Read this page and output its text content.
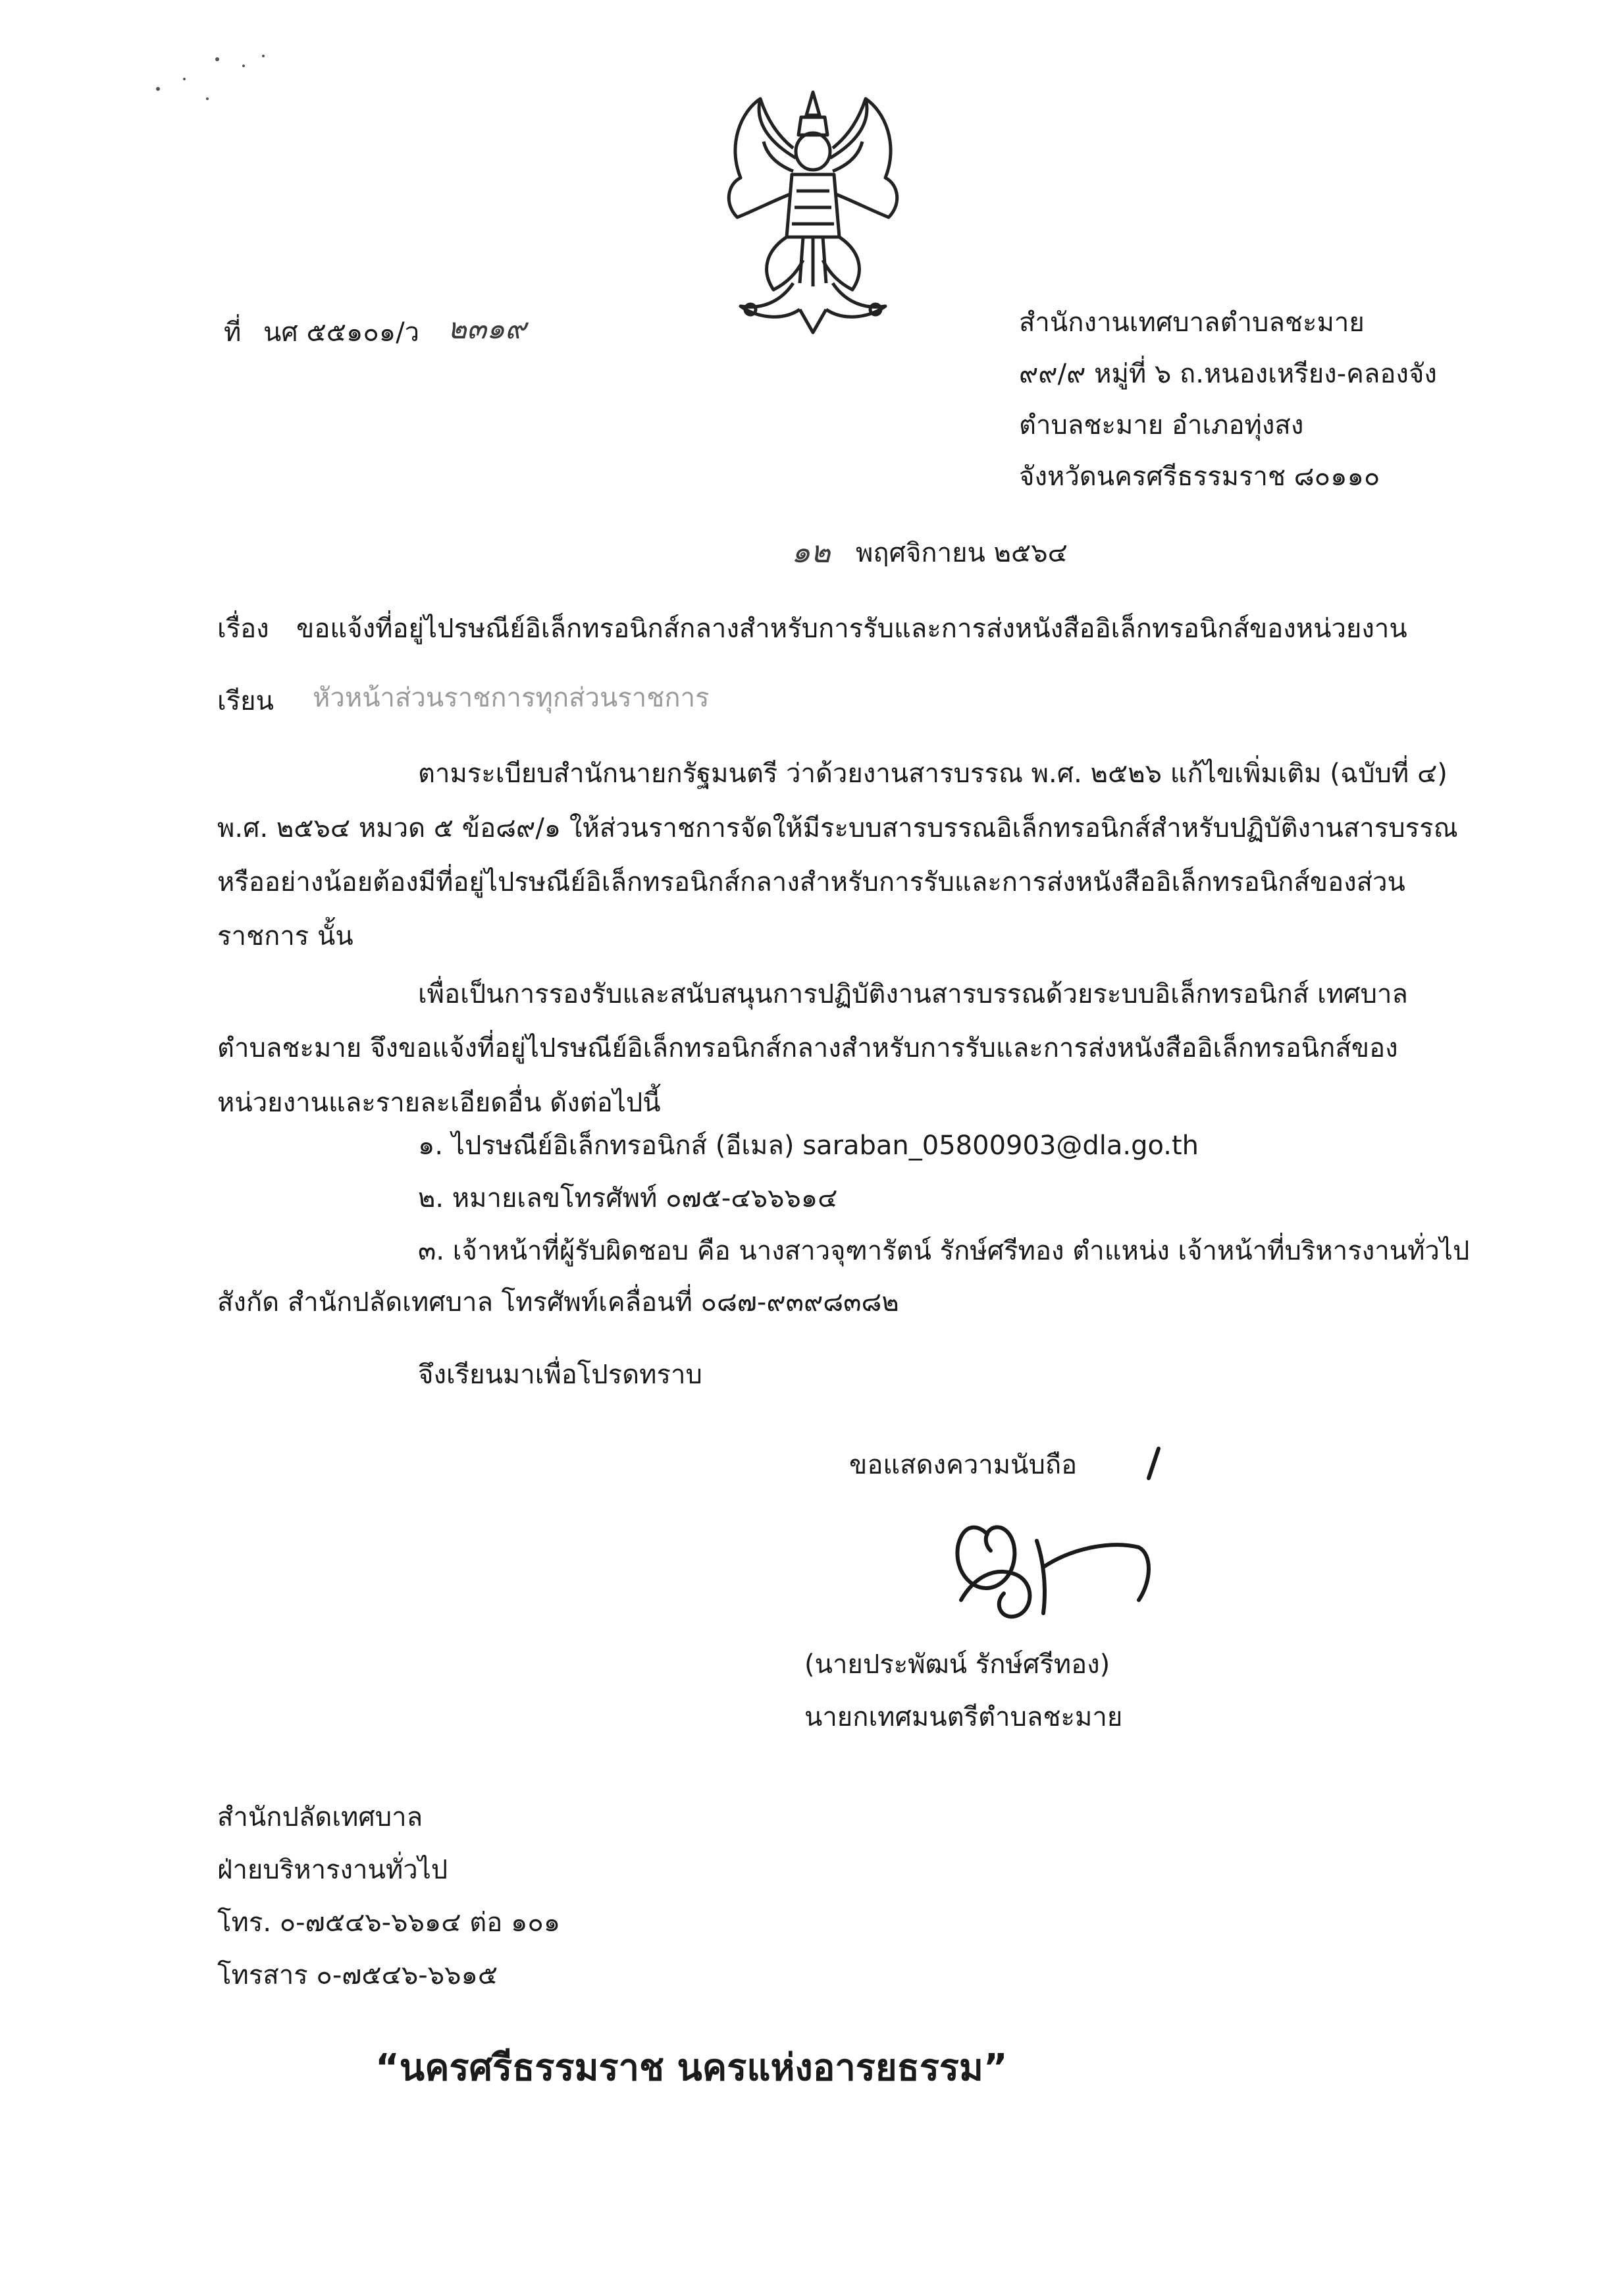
ที่ นศ ๕๕๑๐๑/ว ๒๓๑๙	สำนักงานเทศบาลตำบลชะมาย
๙๙/๙ หมู่ที่ ๖ ถ.หนองเหรียง-คลองจัง
ตำบลชะมาย อำเภอทุ่งสง
จังหวัดนครศรีธรรมราช ๘๐๑๑๐
๑๒ พฤศจิกายน ๒๕๖๔
เรื่อง ขอแจ้งที่อยู่ไปรษณีย์อิเล็กทรอนิกส์กลางสำหรับการรับและการส่งหนังสืออิเล็กทรอนิกส์ของหน่วยงาน
เรียน หัวหน้าส่วนราชการทุกส่วนราชการ
ตามระเบียบสำนักนายกรัฐมนตรี ว่าด้วยงานสารบรรณ พ.ศ. ๒๕๒๖ แก้ไขเพิ่มเติม (ฉบับที่ ๔)
พ.ศ. ๒๕๖๔ หมวด ๕ ข้อ๘๙/๑ ให้ส่วนราชการจัดให้มีระบบสารบรรณอิเล็กทรอนิกส์สำหรับปฏิบัติงานสารบรรณ
หรืออย่างน้อยต้องมีที่อยู่ไปรษณีย์อิเล็กทรอนิกส์กลางสำหรับการรับและการส่งหนังสืออิเล็กทรอนิกส์ของส่วน
ราชการ นั้น
เพื่อเป็นการรองรับและสนับสนุนการปฏิบัติงานสารบรรณด้วยระบบอิเล็กทรอนิกส์ เทศบาล
ตำบลชะมาย จึงขอแจ้งที่อยู่ไปรษณีย์อิเล็กทรอนิกส์กลางสำหรับการรับและการส่งหนังสืออิเล็กทรอนิกส์ของ
หน่วยงานและรายละเอียดอื่น ดังต่อไปนี้
๑. ไปรษณีย์อิเล็กทรอนิกส์ (อีเมล) saraban_05800903@dla.go.th
๒. หมายเลขโทรศัพท์ ๐๗๕-๔๖๖๖๑๔
๓. เจ้าหน้าที่ผู้รับผิดชอบ คือ นางสาวจุฑารัตน์ รักษ์ศรีทอง ตำแหน่ง เจ้าหน้าที่บริหารงานทั่วไป
สังกัด สำนักปลัดเทศบาล โทรศัพท์เคลื่อนที่ ๐๘๗-๙๓๙๘๓๘๒
จึงเรียนมาเพื่อโปรดทราบ
ขอแสดงความนับถือ
(นายประพัฒน์ รักษ์ศรีทอง)
นายกเทศมนตรีตำบลชะมาย
สำนักปลัดเทศบาล
ฝ่ายบริหารงานทั่วไป
โทร. ๐-๗๕๔๖-๖๖๑๔ ต่อ ๑๐๑
โทรสาร ๐-๗๕๔๖-๖๖๑๕
“นครศรีธรรมราช นครแห่งอารยธรรม”
